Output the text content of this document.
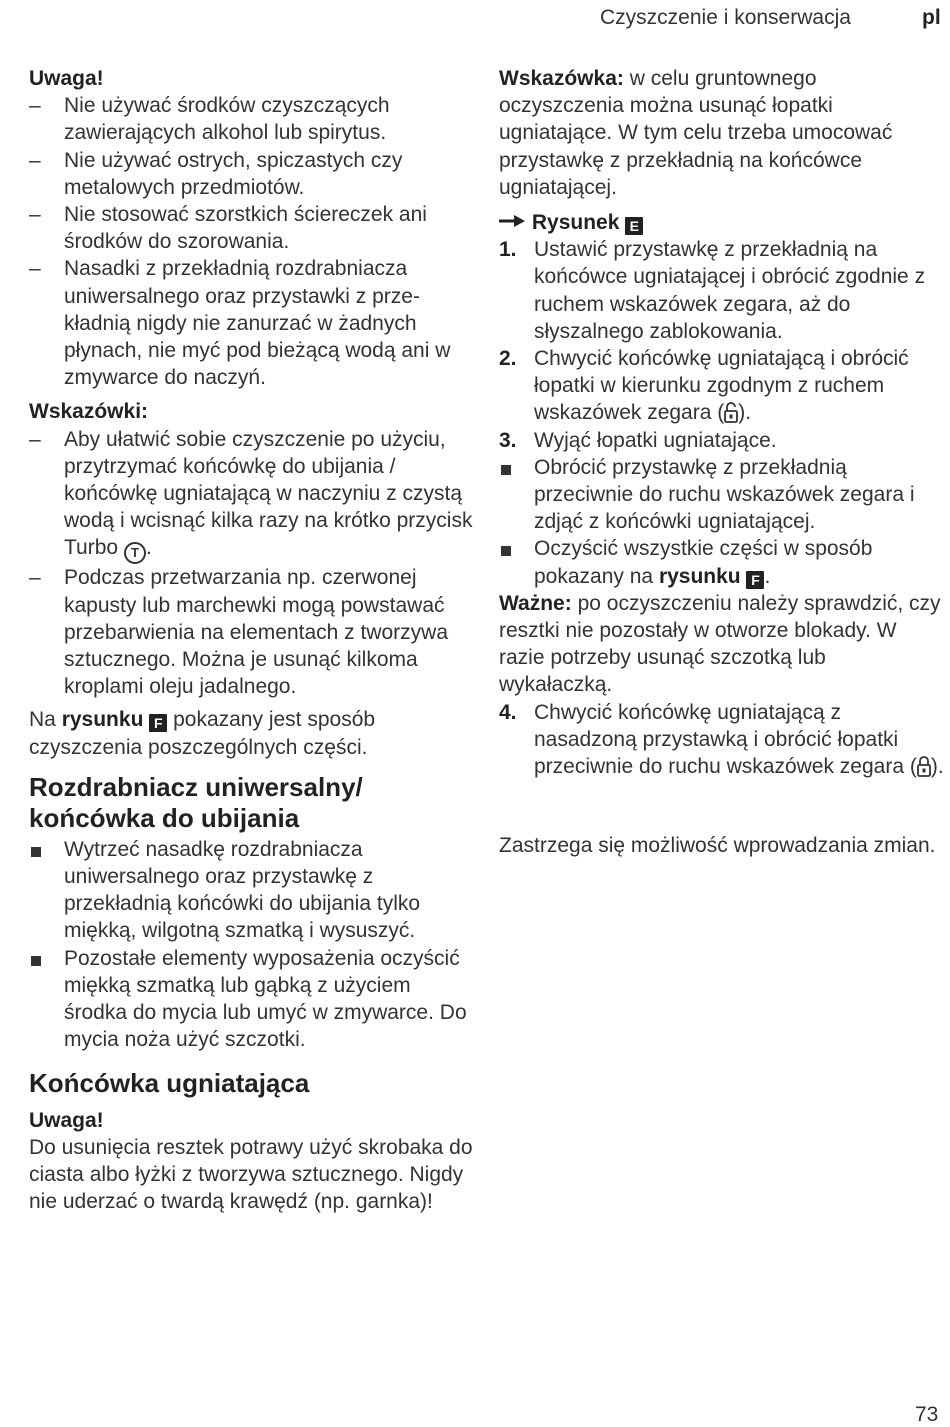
Czyszczenie i konserwacja	pl

Uwaga!

– Nie używać środków czyszczących zawierających alkohol lub spirytus.
– Nie używać ostrych, spiczastych czy metalowych przedmiotów.
– Nie stosować szorstkich ściereczek ani środków do szorowania.
– Nasadki z przekładnią rozdrabniacza uniwersalnego oraz przystawki z prze-kładnią nigdy nie zanurzać w żadnych płynach, nie myć pod bieżącą wodą ani w zmywarce do naczyń.

Wskazówki:

– Aby ułatwić sobie czyszczenie po użyciu, przytrzymać końcówkę do ubijania / końcówkę ugniatającą w naczyniu z czystą wodą i wcisnąć kilka razy na krótko przycisk Turbo T .
– Podczas przetwarzania np. czerwonej kapusty lub marchewki mogą powstawać przebarwienia na elementach z tworzywa sztucznego. Można je usunąć kilkoma kroplami oleju jadalnego.

Na rysunku F pokazany jest sposób czyszczenia poszczególnych części.

Rozdrabniacz uniwersalny/ końcówka do ubijania
Wytrzeć nasadkę rozdrabniacza uniwersalnego oraz przystawkę z przekładnią końcówki do ubijania tylko miękką, wilgotną szmatką i wysuszyć.
Pozostałe elementy wyposażenia oczyścić miękką szmatką lub gąbką z użyciem środka do mycia lub umyć w zmywarce. Do mycia noża użyć szczotki.
Końcówka ugniatająca

Uwaga!

Do usunięcia resztek potrawy użyć skrobaka do ciasta albo łyżki z tworzywa sztucznego. Nigdy nie uderzać o twardą krawędź (np. garnka)!

Wskazówka: w celu gruntownego oczyszczenia można usunąć łopatki ugniatające. W tym celu trzeba umocować przystawkę z przekładnią na końcówce ugniatającej.

Rysunek E

1. Ustawić przystawkę z przekładnią na końcówce ugniatającej i obrócić zgodnie z ruchem wskazówek zegara, aż do słyszalnego zablokowania.
2. Chwycić końcówkę ugniatającą i obrócić łopatki w kierunku zgodnym z ruchem wskazówek zegara ( ).
3. Wyjąć łopatki ugniatające.
Obrócić przystawkę z przekładnią przeciwnie do ruchu wskazówek zegara i zdjąć z końcówki ugniatającej.
Oczyścić wszystkie części w sposób pokazany na rysunku F .

Ważne: po oczyszczeniu należy sprawdzić, czy resztki nie pozostały w otworze blokady. W razie potrzeby usunąć szczotką lub wykałaczką.

4. Chwycić końcówkę ugniatającą z nasadzoną przystawką i obrócić łopatki przeciwnie do ruchu wskazówek zegara ( ).

Zastrzega się możliwość wprowadzania zmian.

73
